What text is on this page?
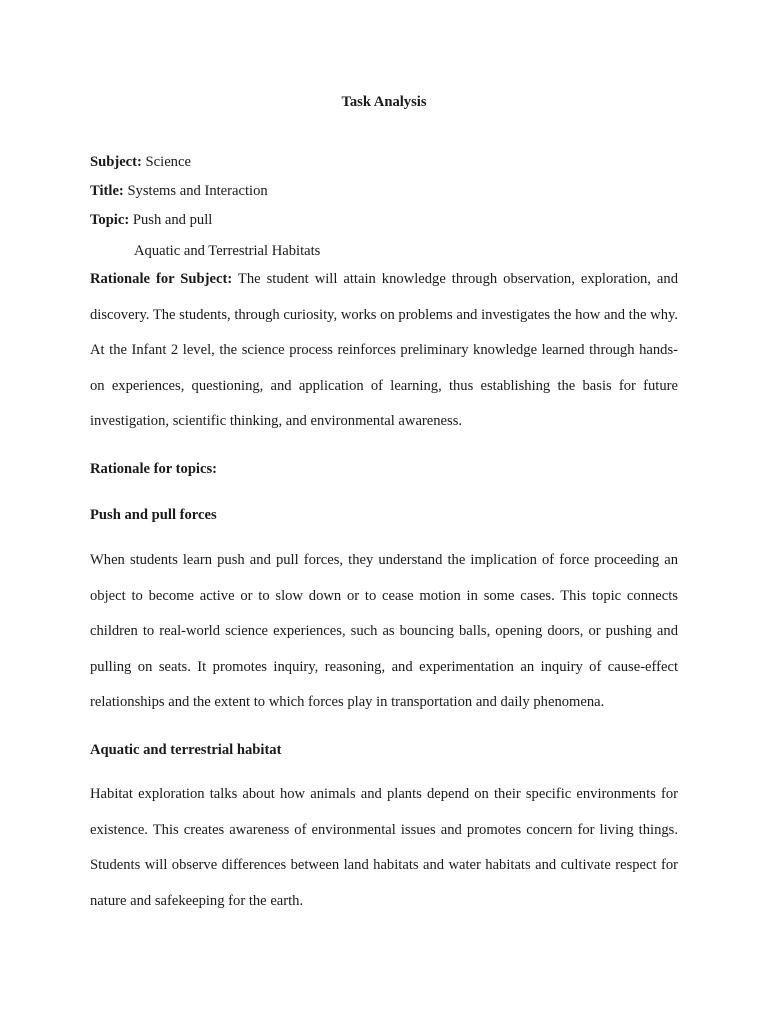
Task Analysis
Subject: Science
Title: Systems and Interaction
Topic: Push and pull
Aquatic and Terrestrial Habitats

Rationale for Subject: The student will attain knowledge through observation, exploration, and discovery. The students, through curiosity, works on problems and investigates the how and the why. At the Infant 2 level, the science process reinforces preliminary knowledge learned through hands-on experiences, questioning, and application of learning, thus establishing the basis for future investigation, scientific thinking, and environmental awareness.

Rationale for topics:
Push and pull forces

When students learn push and pull forces, they understand the implication of force proceeding an object to become active or to slow down or to cease motion in some cases. This topic connects children to real-world science experiences, such as bouncing balls, opening doors, or pushing and pulling on seats. It promotes inquiry, reasoning, and experimentation an inquiry of cause-effect relationships and the extent to which forces play in transportation and daily phenomena.

Aquatic and terrestrial habitat

Habitat exploration talks about how animals and plants depend on their specific environments for existence. This creates awareness of environmental issues and promotes concern for living things. Students will observe differences between land habitats and water habitats and cultivate respect for nature and safekeeping for the earth.
